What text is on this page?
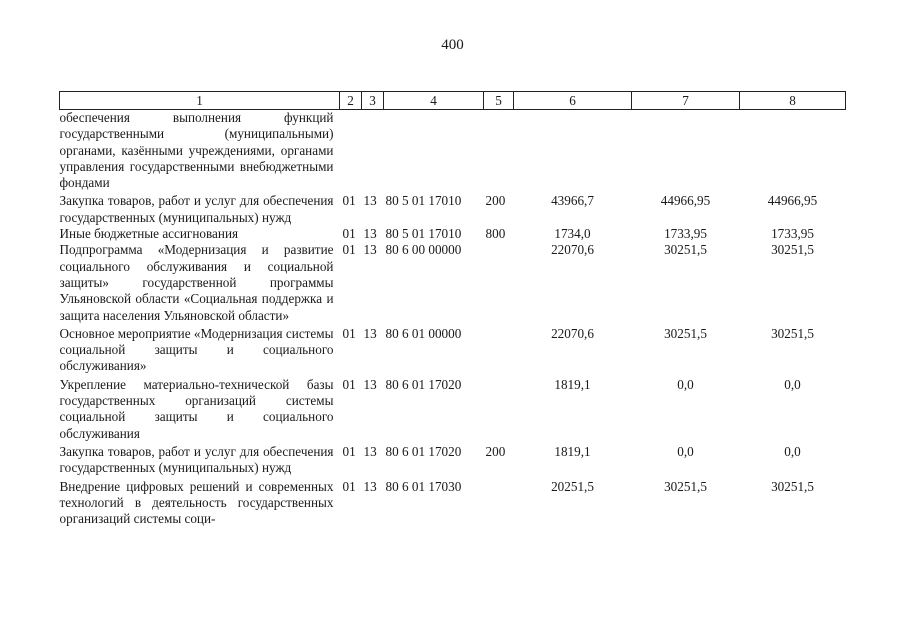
400
1	2	3	4	5	6	7	8
обеспечения выполнения функций государственными (муниципальными) органами, казёнными учреждениями, органами управления государственными внебюджетными фондами							
Закупка товаров, работ и услуг для обеспечения государственных (муниципальных) нужд	01	13	80 5 01 17010	200	43966,7	44966,95	44966,95
Иные бюджетные ассигнования	01	13	80 5 01 17010	800	1734,0	1733,95	1733,95
Подпрограмма «Модернизация и развитие социального обслуживания и социальной защиты» государственной программы Ульяновской области «Социальная поддержка и защита населения Ульяновской области»	01	13	80 6 00 00000		22070,6	30251,5	30251,5
Основное мероприятие «Модернизация системы социальной защиты и социального обслуживания»	01	13	80 6 01 00000		22070,6	30251,5	30251,5
Укрепление материально-технической базы государственных организаций системы социальной защиты и социального обслуживания	01	13	80 6 01 17020		1819,1	0,0	0,0
Закупка товаров, работ и услуг для обеспечения государственных (муниципальных) нужд	01	13	80 6 01 17020	200	1819,1	0,0	0,0
Внедрение цифровых решений и современных технологий в деятельность государственных организаций системы соци-	01	13	80 6 01 17030		20251,5	30251,5	30251,5
